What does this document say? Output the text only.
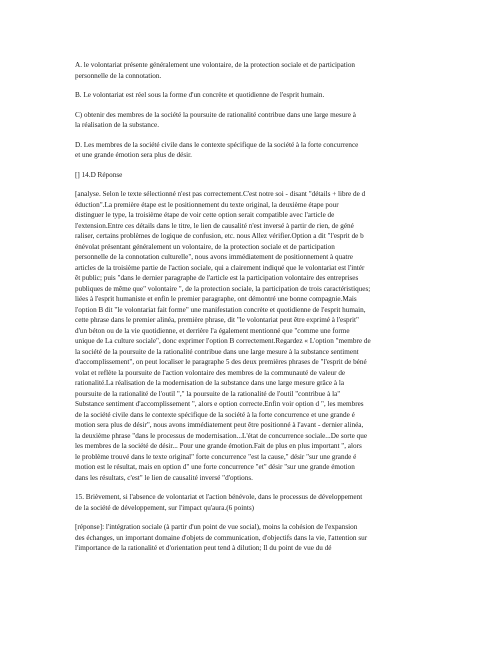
A. le volontariat présente généralement une volontaire, de la protection sociale et de participation
personnelle de la connotation.

B. Le volontariat est réel sous la forme d'un concrète et quotidienne de l'esprit humain.

C) obtenir des membres de la société la poursuite de rationalité contribue dans une large mesure à
la réalisation de la substance.

D. Les membres de la société civile dans le contexte spécifique de la société à la forte concurrence
et une grande émotion sera plus de désir.

[] 14.D Réponse

[analyse. Selon le texte sélectionné n'est pas correctement.C'est notre soi - disant "détails + libre de d
éduction".La première étape est le positionnement du texte original, la deuxième étape pour
distinguer le type, la troisième étape de voir cette option serait compatible avec l'article de
l'extension.Entre ces détails dans le titre, le lien de causalité n'est inversé à partir de rien, de géné
raliser, certains problèmes de logique de confusion, etc. nous Allez vérifier.Option a dit "l'esprit de b
énévolat présentant généralement un volontaire, de la protection sociale et de participation
personnelle de la connotation culturelle", nous avons immédiatement de positionnement à quatre
articles de la troisième partie de l'action sociale, qui a clairement indiqué que le volontariat est l'intér
êt public; puis "dans le dernier paragraphe de l'article est la participation volontaire des entreprises
publiques de même que" volontaire ", de la protection sociale, la participation de trois caractéristiques;
liées à l'esprit humaniste et enfin le premier paragraphe, ont démontré une bonne compagnie.Mais
l'option B dit "le volontariat fait forme" une manifestation concrète et quotidienne de l'esprit humain,
cette phrase dans le premier alinéa, première phrase, dit "le volontariat peut être exprimé à l'esprit"
d'un béton ou de la vie quotidienne, et derrière l'a également mentionné que "comme une forme
unique de La culture sociale", donc exprimer l'option B correctement.Regardez « L'option "membre de
la société de la poursuite de la rationalité contribue dans une large mesure à la substance sentiment
d'accomplissement", on peut localiser le paragraphe 5 des deux premières phrases de "l'esprit de béné
volat et reflète la poursuite de l'action volontaire des membres de la communauté de valeur de
rationalité.La réalisation de la modernisation de la substance dans une large mesure grâce à la
poursuite de la rationalité de l'outil "," la poursuite de la rationalité de l'outil "contribue à la"
Substance sentiment d'accomplissement ", alors e option correcte.Enfin voir option d ", les membres
de la société civile dans le contexte spécifique de la société à la forte concurrence et une grande é
motion sera plus de désir", nous avons immédiatement peut être positionné à l'avant - dernier alinéa,
la deuxième phrase "dans le processus de modernisation...L'état de concurrence sociale...De sorte que
les membres de la société de désir... Pour une grande émotion.Fait de plus en plus important ", alors
le problème trouvé dans le texte original" forte concurrence "est la cause," désir "sur une grande é
motion est le résultat, mais en option d" une forte concurrence "et" désir "sur une grande émotion
dans les résultats, c'est" le lien de causalité inversé "d'options.

15. Brièvement, si l'absence de volontariat et l'action bénévole, dans le processus de développement
de la société de développement, sur l'impact qu'aura.(6 points)

[réponse]: l'intégration sociale (à partir d'un point de vue social), moins la cohésion de l'expansion
des échanges, un important domaine d'objets de communication, d'objectifs dans la vie, l'attention sur
l'importance de la rationalité et d'orientation peut tend à dilution; Il du point de vue du dé
